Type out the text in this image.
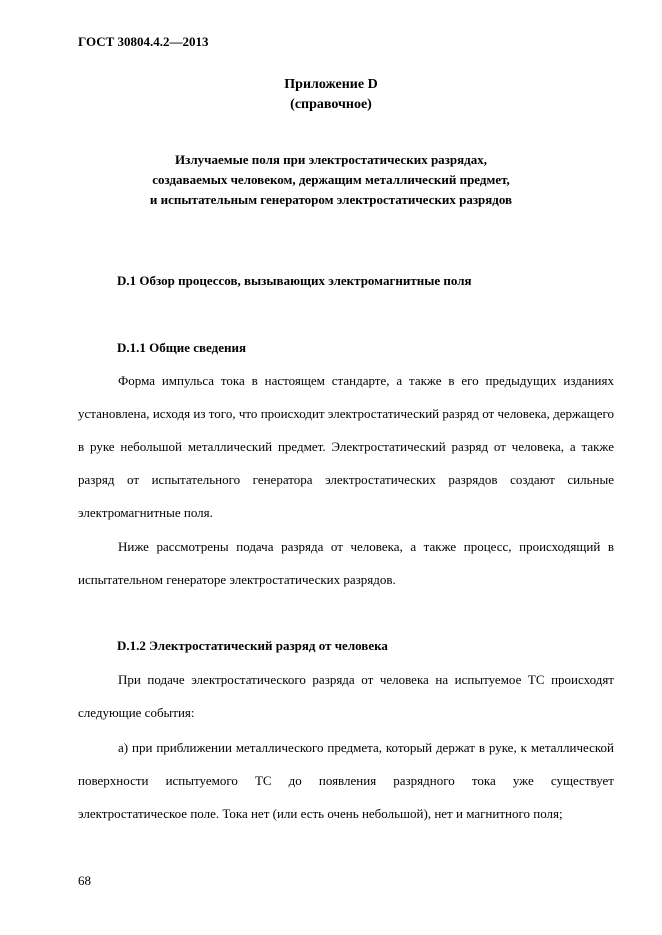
ГОСТ 30804.4.2—2013
Приложение D
(справочное)
Излучаемые поля при электростатических разрядах,
создаваемых человеком, держащим металлический предмет,
и испытательным генератором электростатических разрядов
D.1 Обзор процессов, вызывающих электромагнитные поля
D.1.1 Общие сведения

Форма импульса тока в настоящем стандарте, а также в его предыдущих изданиях установлена, исходя из того, что происходит электростатический разряд от человека, держащего в руке небольшой металлический предмет. Электростатический разряд от человека, а также разряд от испытательного генератора электростатических разрядов создают сильные электромагнитные поля.

Ниже рассмотрены подача разряда от человека, а также процесс, происходящий в испытательном генераторе электростатических разрядов.

D.1.2 Электростатический разряд от человека

При подаче электростатического разряда от человека на испытуемое ТС происходят следующие события:

а) при приближении металлического предмета, который держат в руке, к металлической поверхности испытуемого ТС до появления разрядного тока уже существует электростатическое поле. Тока нет (или есть очень небольшой), нет и магнитного поля;

68
